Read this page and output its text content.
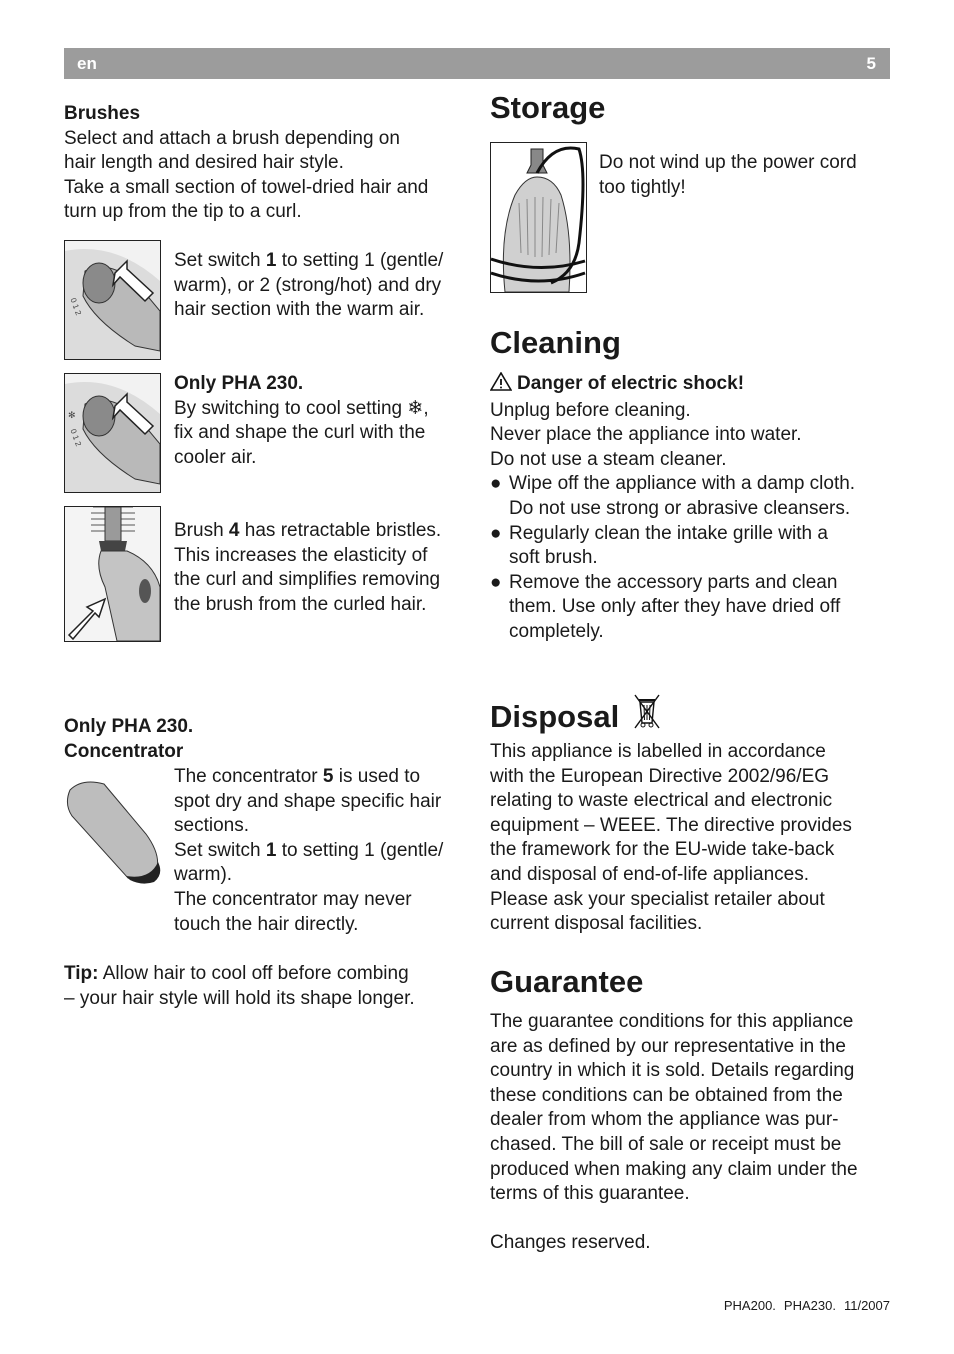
en	5

Brushes

Select and attach a brush depending on

hair length and desired hair style.

Take a small section of towel-dried hair and

turn up from the tip to a curl.

0 1 2

Set switch 1 to setting 1 (gentle/

warm), or 2 (strong/hot) and dry

hair section with the warm air.

✻
0 1 2

Only PHA 230.

By switching to cool setting ❄,

fix and shape the curl with the

cooler air.

Brush 4 has retractable bristles.

This increases the elasticity of

the curl and simplifies removing

the brush from the curled hair.

Only PHA 230.

Concentrator

The concentrator 5 is used to

spot dry and shape specific hair

sections.

Set switch 1 to setting 1 (gentle/

warm).

The concentrator may never

touch the hair directly.

Tip: Allow hair to cool off before combing

– your hair style will hold its shape longer.

Storage

Do not wind up the power cord

too tightly!

Cleaning

Danger of electric shock!

Unplug before cleaning.

Never place the appliance into water.

Do not use a steam cleaner.

● Wipe off the appliance with a damp cloth.
Do not use strong or abrasive cleansers.
● Regularly clean the intake grille with a
soft brush.
● Remove the accessory parts and clean
them. Use only after they have dried off
completely.
Disposal

This appliance is labelled in accordance

with the European Directive 2002/96/EG

relating to waste electrical and electronic

equipment – WEEE. The directive provides

the framework for the EU-wide take-back

and disposal of end-of-life appliances.

Please ask your specialist retailer about

current disposal facilities.

Guarantee

The guarantee conditions for this appliance

are as defined by our representative in the

country in which it is sold. Details regarding

these conditions can be obtained from the

dealer from whom the appliance was pur-

chased. The bill of sale or receipt must be

produced when making any claim under the

terms of this guarantee.

Changes reserved.

PHA200. PHA230. 11/2007
